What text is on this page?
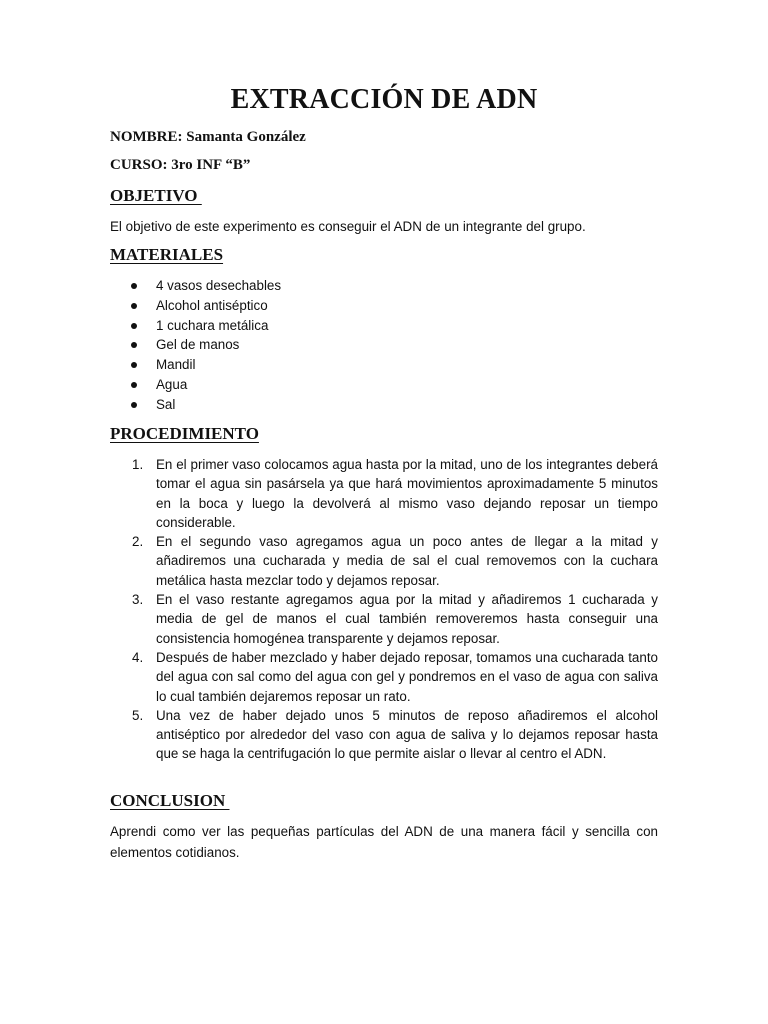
EXTRACCIÓN DE ADN
NOMBRE: Samanta González
CURSO: 3ro INF “B”
OBJETIVO
El objetivo de este experimento es conseguir el ADN de un integrante del grupo.
MATERIALES
4 vasos desechables
Alcohol antiséptico
1 cuchara metálica
Gel de manos
Mandil
Agua
Sal
PROCEDIMIENTO
1. En el primer vaso colocamos agua hasta por la mitad, uno de los integrantes deberá tomar el agua sin pasársela ya que hará movimientos aproximadamente 5 minutos en la boca y luego la devolverá al mismo vaso dejando reposar un tiempo considerable.
2. En el segundo vaso agregamos agua un poco antes de llegar a la mitad y añadiremos una cucharada y media de sal el cual removemos con la cuchara metálica hasta mezclar todo y dejamos reposar.
3. En el vaso restante agregamos agua por la mitad y añadiremos 1 cucharada y media de gel de manos el cual también removeremos hasta conseguir una consistencia homogénea transparente y dejamos reposar.
4. Después de haber mezclado y haber dejado reposar, tomamos una cucharada tanto del agua con sal como del agua con gel y pondremos en el vaso de agua con saliva lo cual también dejaremos reposar un rato.
5. Una vez de haber dejado unos 5 minutos de reposo añadiremos el alcohol antiséptico por alrededor del vaso con agua de saliva y lo dejamos reposar hasta que se haga la centrifugación lo que permite aislar o llevar al centro el ADN.
CONCLUSION
Aprendi como ver las pequeñas partículas del ADN de una manera fácil y sencilla con elementos cotidianos.
